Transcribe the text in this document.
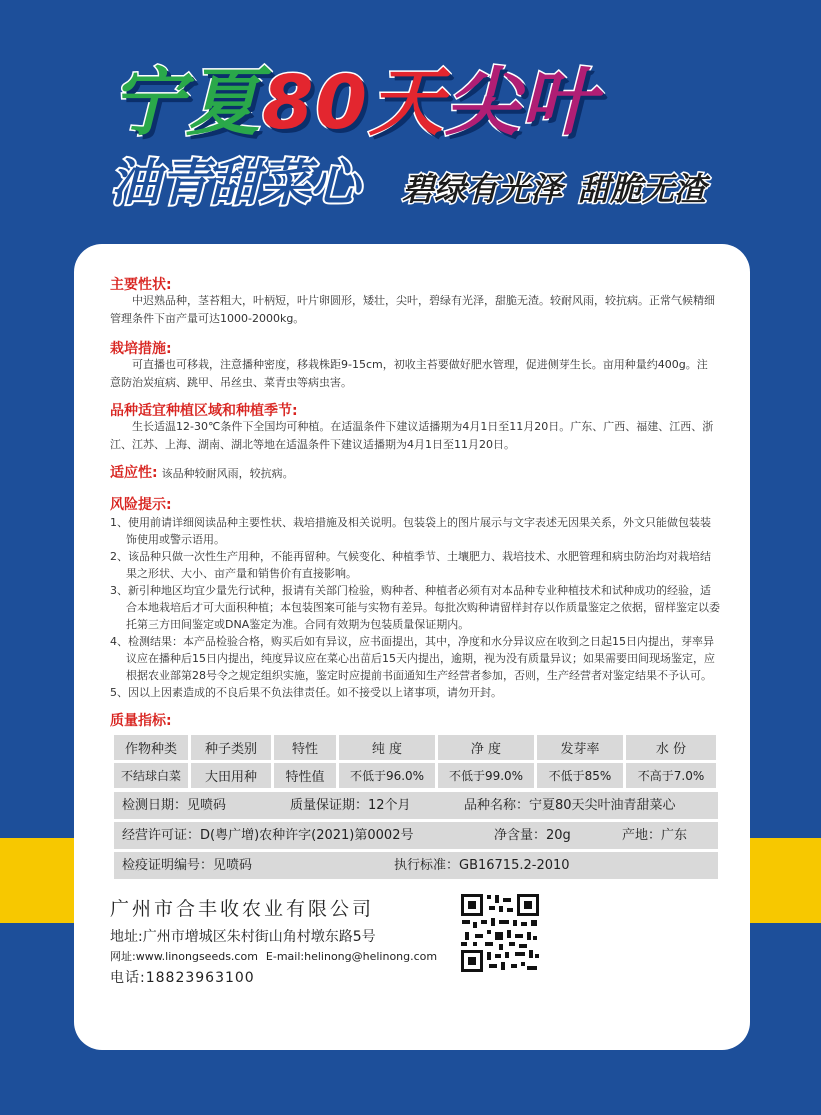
宁夏80天尖叶
油青甜菜心 碧绿有光泽 甜脆无渣
主要性状:

中迟熟品种，茎苔粗大，叶柄短，叶片卵圆形，矮壮，尖叶，碧绿有光泽，甜脆无渣。较耐风雨，较抗病。正常气候精细管理条件下亩产量可达1000-2000kg。

栽培措施:

可直播也可移栽，注意播种密度，移栽株距9-15cm，初收主苔要做好肥水管理，促进侧芽生长。亩用种量约400g。注意防治炭疽病、跳甲、吊丝虫、菜青虫等病虫害。

品种适宜种植区域和种植季节:

生长适温12-30℃条件下全国均可种植。在适温条件下建议适播期为4月1日至11月20日。广东、广西、福建、江西、浙江、江苏、上海、湖南、湖北等地在适温条件下建议适播期为4月1日至11月20日。

适应性: 该品种较耐风雨，较抗病。
风险提示:

1、使用前请详细阅读品种主要性状、栽培措施及相关说明。包装袋上的图片展示与文字表述无因果关系，外文只能做包装装饰使用或警示语用。

2、该品种只做一次性生产用种，不能再留种。气候变化、种植季节、土壤肥力、栽培技术、水肥管理和病虫防治均对栽培结果之形状、大小、亩产量和销售价有直接影响。

3、新引种地区均宜少量先行试种，报请有关部门检验，购种者、种植者必须有对本品种专业种植技术和试种成功的经验，适合本地栽培后才可大面积种植；本包装图案可能与实物有差异。每批次购种请留样封存以作质量鉴定之依据，留样鉴定以委托第三方田间鉴定或DNA鉴定为准。合同有效期为包装质量保证期内。

4、检测结果：本产品检验合格，购买后如有异议，应书面提出，其中，净度和水分异议应在收到之日起15日内提出，芽率异议应在播种后15日内提出，纯度异议应在菜心出苗后15天内提出，逾期，视为没有质量异议；如果需要田间现场鉴定，应根据农业部第28号令之规定组织实施，鉴定时应提前书面通知生产经营者参加，否则，生产经营者对鉴定结果不予认可。

5、因以上因素造成的不良后果不负法律责任。如不接受以上诸事项，请勿开封。

质量指标:
作物种类	种子类别	特性	纯 度	净 度	发芽率	水 份
不结球白菜	大田用种	特性值	不低于96.0%	不低于99.0%	不低于85%	不高于7.0%
检测日期：见喷码	质量保证期：12个月	品种名称：宁夏80天尖叶油青甜菜心
经营许可证：D(粤广增)农种许字(2021)第0002号	净含量：20g	产地：广东
检疫证明编号：见喷码	执行标准：GB16715.2-2010
广州市合丰收农业有限公司
地址:广州市增城区朱村街山角村墩东路5号
网址:www.linongseeds.com E-mail:helinong@helinong.com
电话:18823963100
